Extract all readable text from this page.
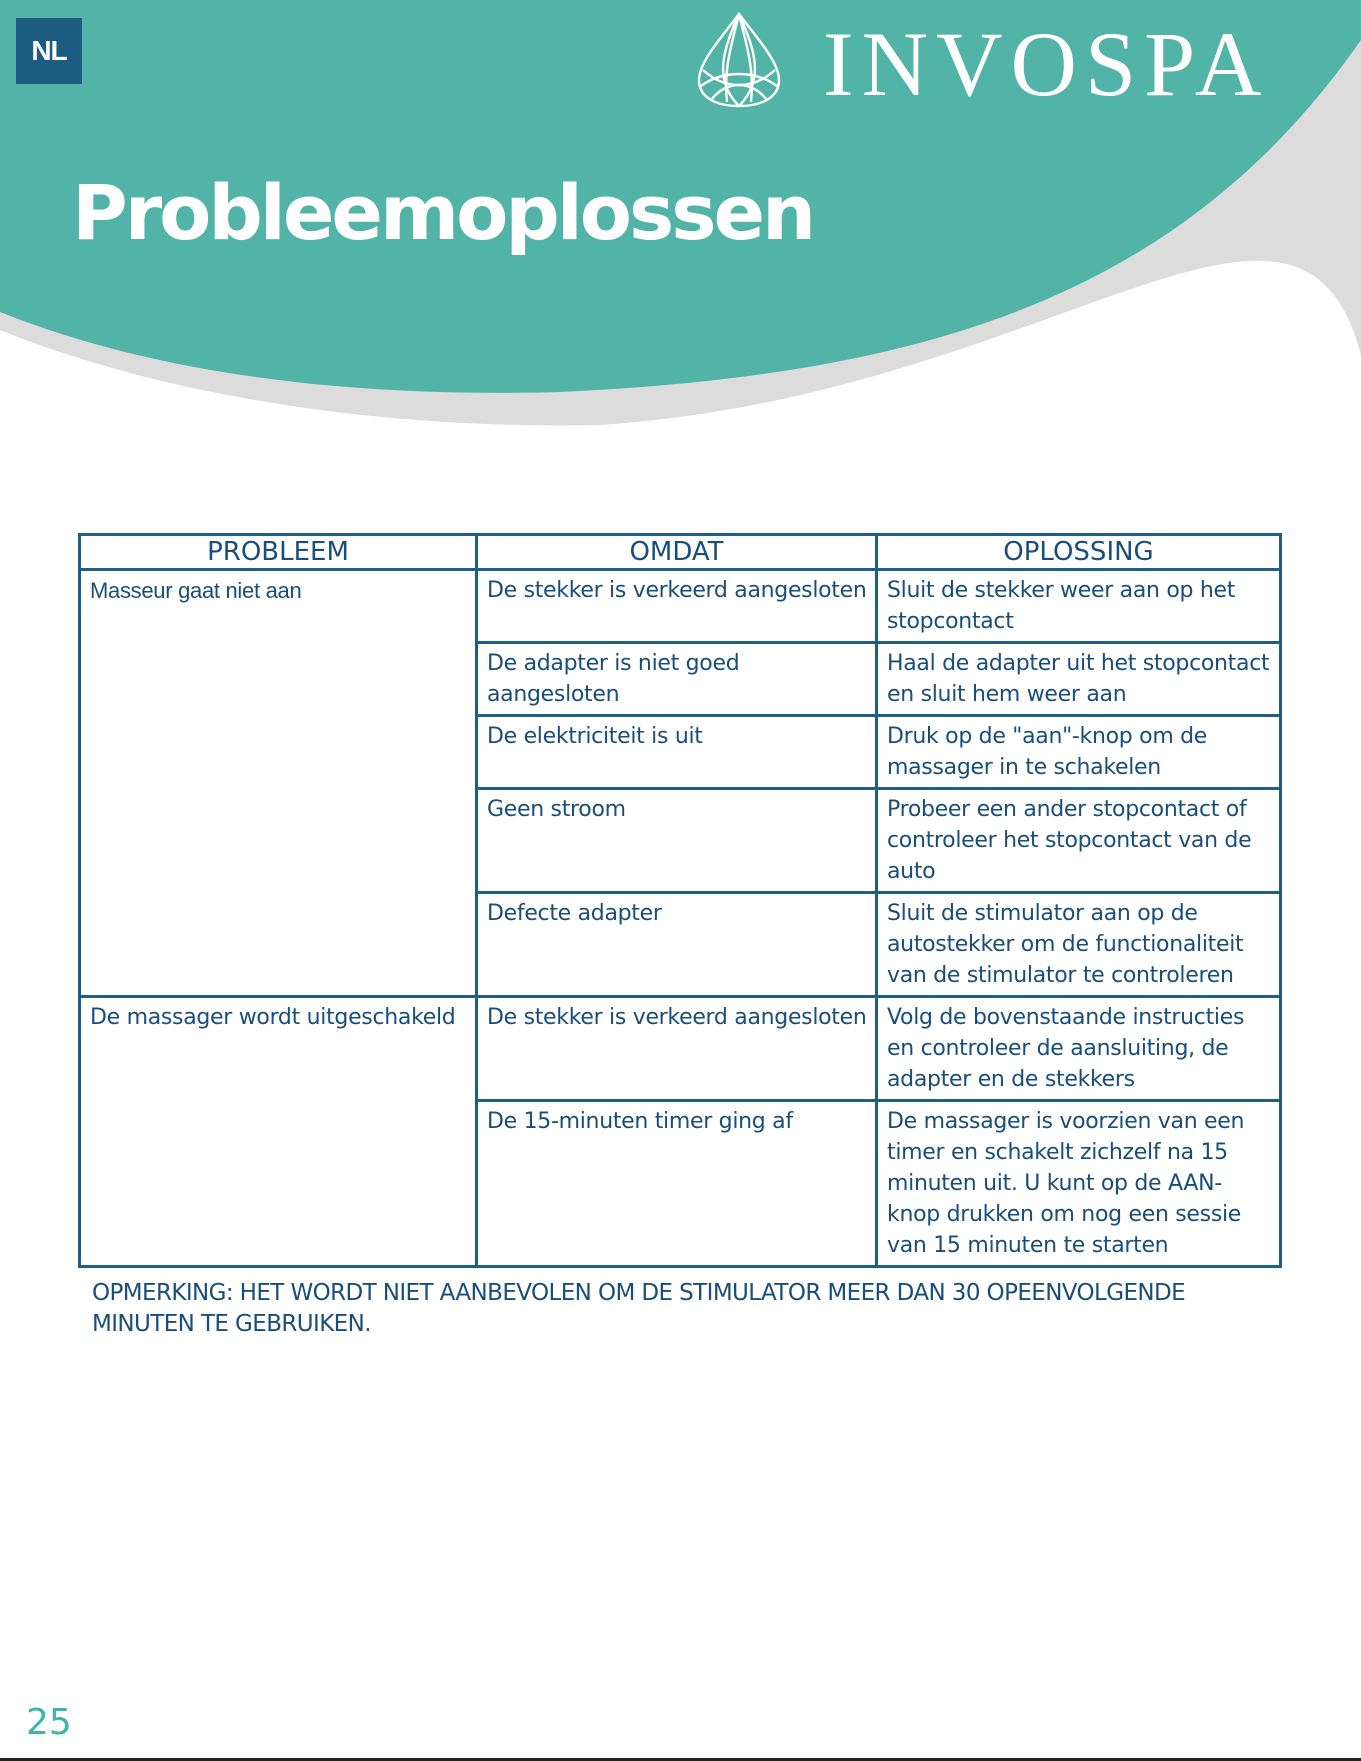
NL	INVOSPA
Probleemoplossen
PROBLEEM	OMDAT	OPLOSSING
Masseur gaat niet aan	De stekker is verkeerd aangesloten	Sluit de stekker weer aan op het stopcontact
	De adapter is niet goed aangesloten	Haal de adapter uit het stopcontact en sluit hem weer aan
	De elektriciteit is uit	Druk op de "aan"-knop om de massager in te schakelen
	Geen stroom	Probeer een ander stopcontact of controleer het stopcontact van de auto
	Defecte adapter	Sluit de stimulator aan op de autostekker om de functionaliteit van de stimulator te controleren
De massager wordt uitgeschakeld	De stekker is verkeerd aangesloten	Volg de bovenstaande instructies en controleer de aansluiting, de adapter en de stekkers
	De 15-minuten timer ging af	De massager is voorzien van een timer en schakelt zichzelf na 15 minuten uit. U kunt op de AAN-knop drukken om nog een sessie van 15 minuten te starten
OPMERKING: HET WORDT NIET AANBEVOLEN OM DE STIMULATOR MEER DAN 30 OPEENVOLGENDE MINUTEN TE GEBRUIKEN.
25
